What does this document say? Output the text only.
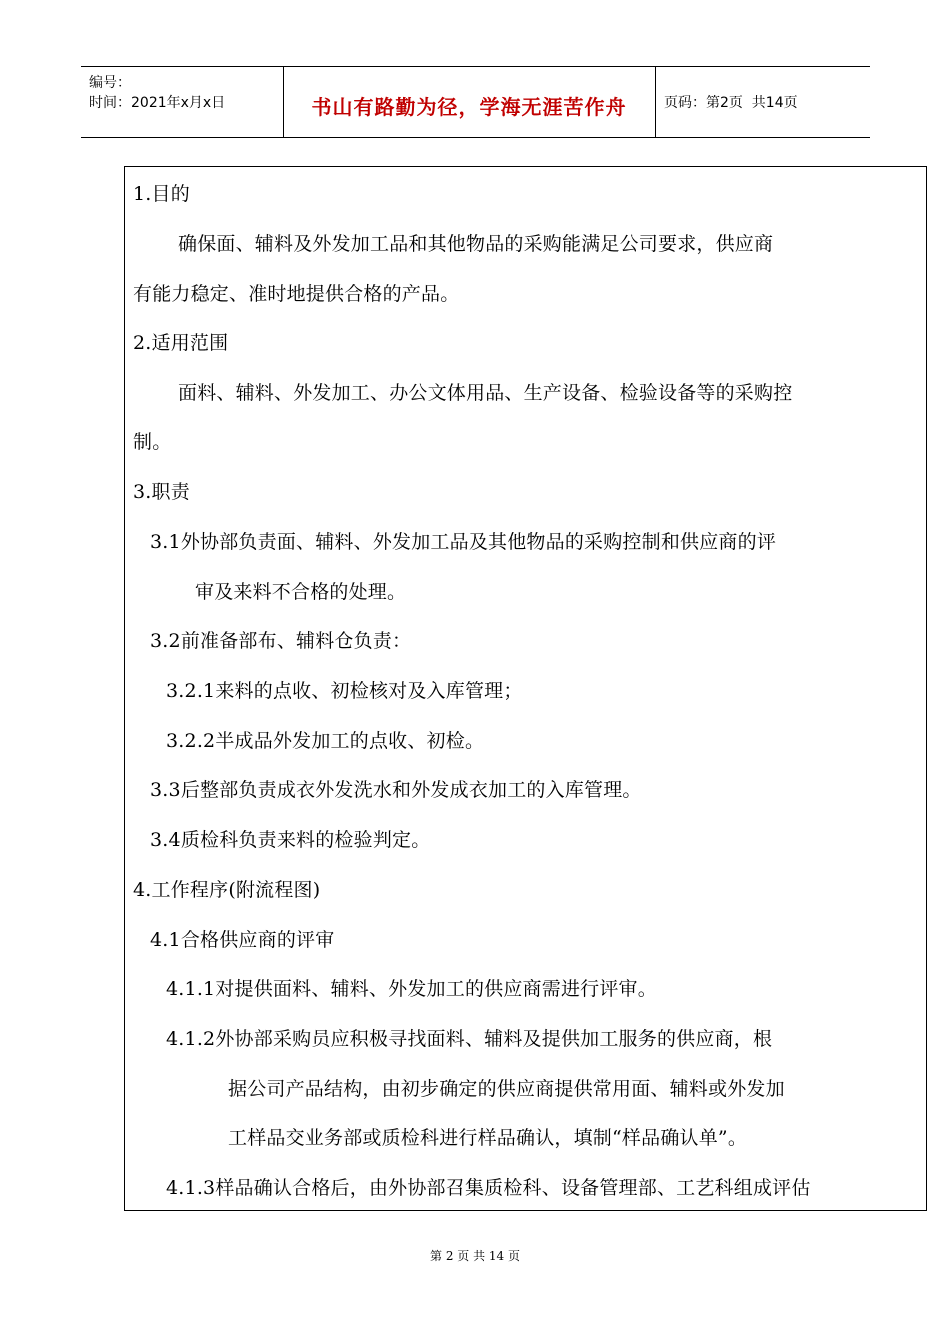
编号：
时间：2021年x月x日	书山有路勤为径，学海无涯苦作舟	页码：第2页  共14页
1.目的
确保面、辅料及外发加工品和其他物品的采购能满足公司要求，供应商
有能力稳定、准时地提供合格的产品。
2.适用范围
面料、辅料、外发加工、办公文体用品、生产设备、检验设备等的采购控
制。
3.职责
3.1外协部负责面、辅料、外发加工品及其他物品的采购控制和供应商的评
审及来料不合格的处理。
3.2前准备部布、辅料仓负责：
3.2.1来料的点收、初检核对及入库管理；
3.2.2半成品外发加工的点收、初检。
3.3后整部负责成衣外发洗水和外发成衣加工的入库管理。
3.4质检科负责来料的检验判定。
4.工作程序(附流程图)
4.1合格供应商的评审
4.1.1对提供面料、辅料、外发加工的供应商需进行评审。
4.1.2外协部采购员应积极寻找面料、辅料及提供加工服务的供应商，根
据公司产品结构，由初步确定的供应商提供常用面、辅料或外发加
工样品交业务部或质检科进行样品确认，填制“样品确认单”。
4.1.3样品确认合格后，由外协部召集质检科、设备管理部、工艺科组成评估
第 2 页 共 14 页
